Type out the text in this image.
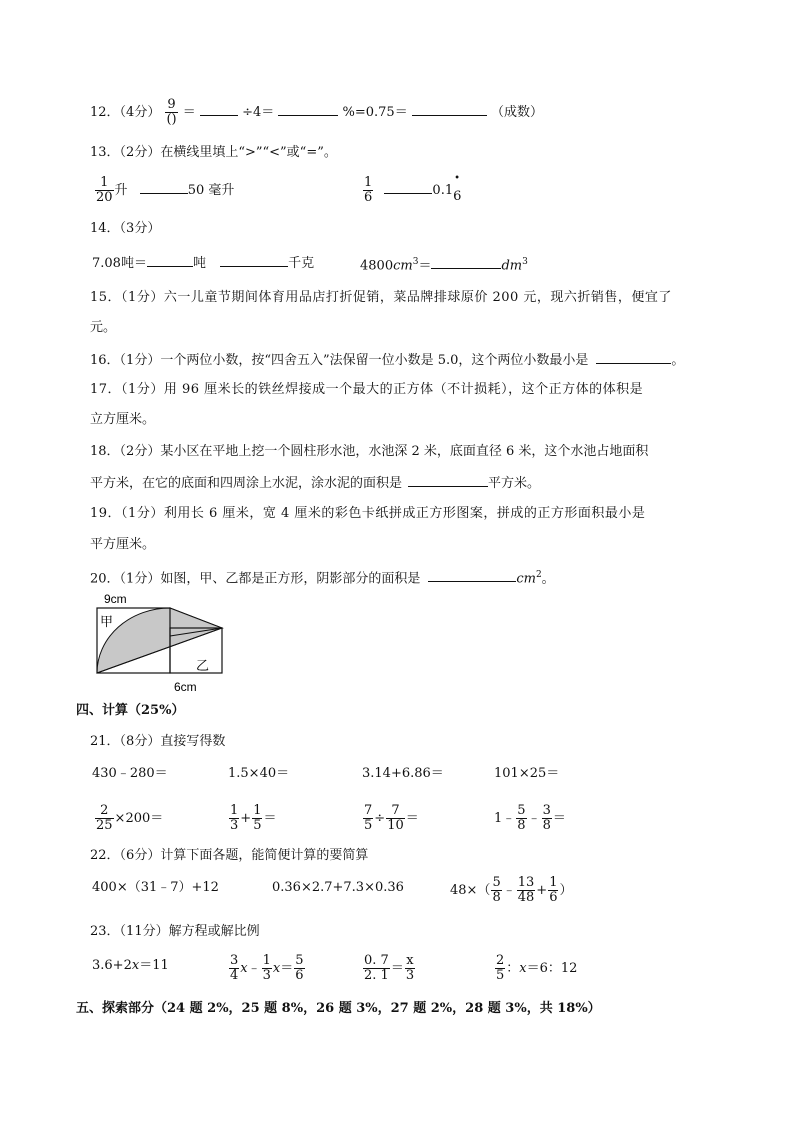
12．（4分） $\frac{9}{()}$ ＝	÷4＝	%=0.75＝	（成数）
13．（2分）在横线里填上“>”“<”或“=”。
$\frac{1}{20}$ 升	50 毫升	$\frac{1}{6}$	0.1
•
6
14．（3分）
7.08吨＝	吨	千克	$4800cm^3=$	$dm^3$
15．（1分）六一儿童节期间体育用品店打折促销，菜品牌排球原价 200 元，现六折销售，便宜了
元。
16．（1分）一个两位小数，按“四舍五入”法保留一位小数是 5.0，这个两位小数最小是	。
17．（1分）用 96 厘米长的铁丝焊接成一个最大的正方体（不计损耗），这个正方体的体积是
立方厘米。
18．（2分）某小区在平地上挖一个圆柱形水池，水池深 2 米，底面直径 6 米，这个水池占地面积
平方米，在它的底面和四周涂上水泥，涂水泥的面积是	平方米。
19．（1分）利用长 6 厘米，宽 4 厘米的彩色卡纸拼成正方形图案，拼成的正方形面积最小是
平方厘米。
20．（1分）如图，甲、乙都是正方形，阴影部分的面积是	$cm^2$。
9cm
甲
乙
6cm
四、计算（25%）
21．（8分）直接写得数
430﹣280＝	1.5×40＝	3.14+6.86＝	101×25＝
$\frac{2}{25} \times 200=$	$\frac{1}{3} + \frac{1}{5}$ ＝	$\frac{7}{5} \div \frac{7}{10}$ ＝	1﹣ $\frac{5}{8}$ ﹣ $\frac{3}{8}$ ＝
22．（6分）计算下面各题，能简便计算的要简算
400×（31﹣7）+12	0.36×2.7+7.3×0.36	$48\times( \frac{5}{8}$ ﹣ $\frac{13}{48} + \frac{1}{6}$ ）
23．（11分）解方程或解比例
3.6+2x＝11	$\frac{3}{4}$ x﹣ $\frac{1}{3} x= \frac{5}{6}$	$\frac{0. 7}{2. 1} = \frac{x}{3}$	$\frac{2}{5}$ ：x＝6：12
五、探索部分（24 题 2%，25 题 8%，26 题 3%，27 题 2%，28 题 3%，共 18%）
